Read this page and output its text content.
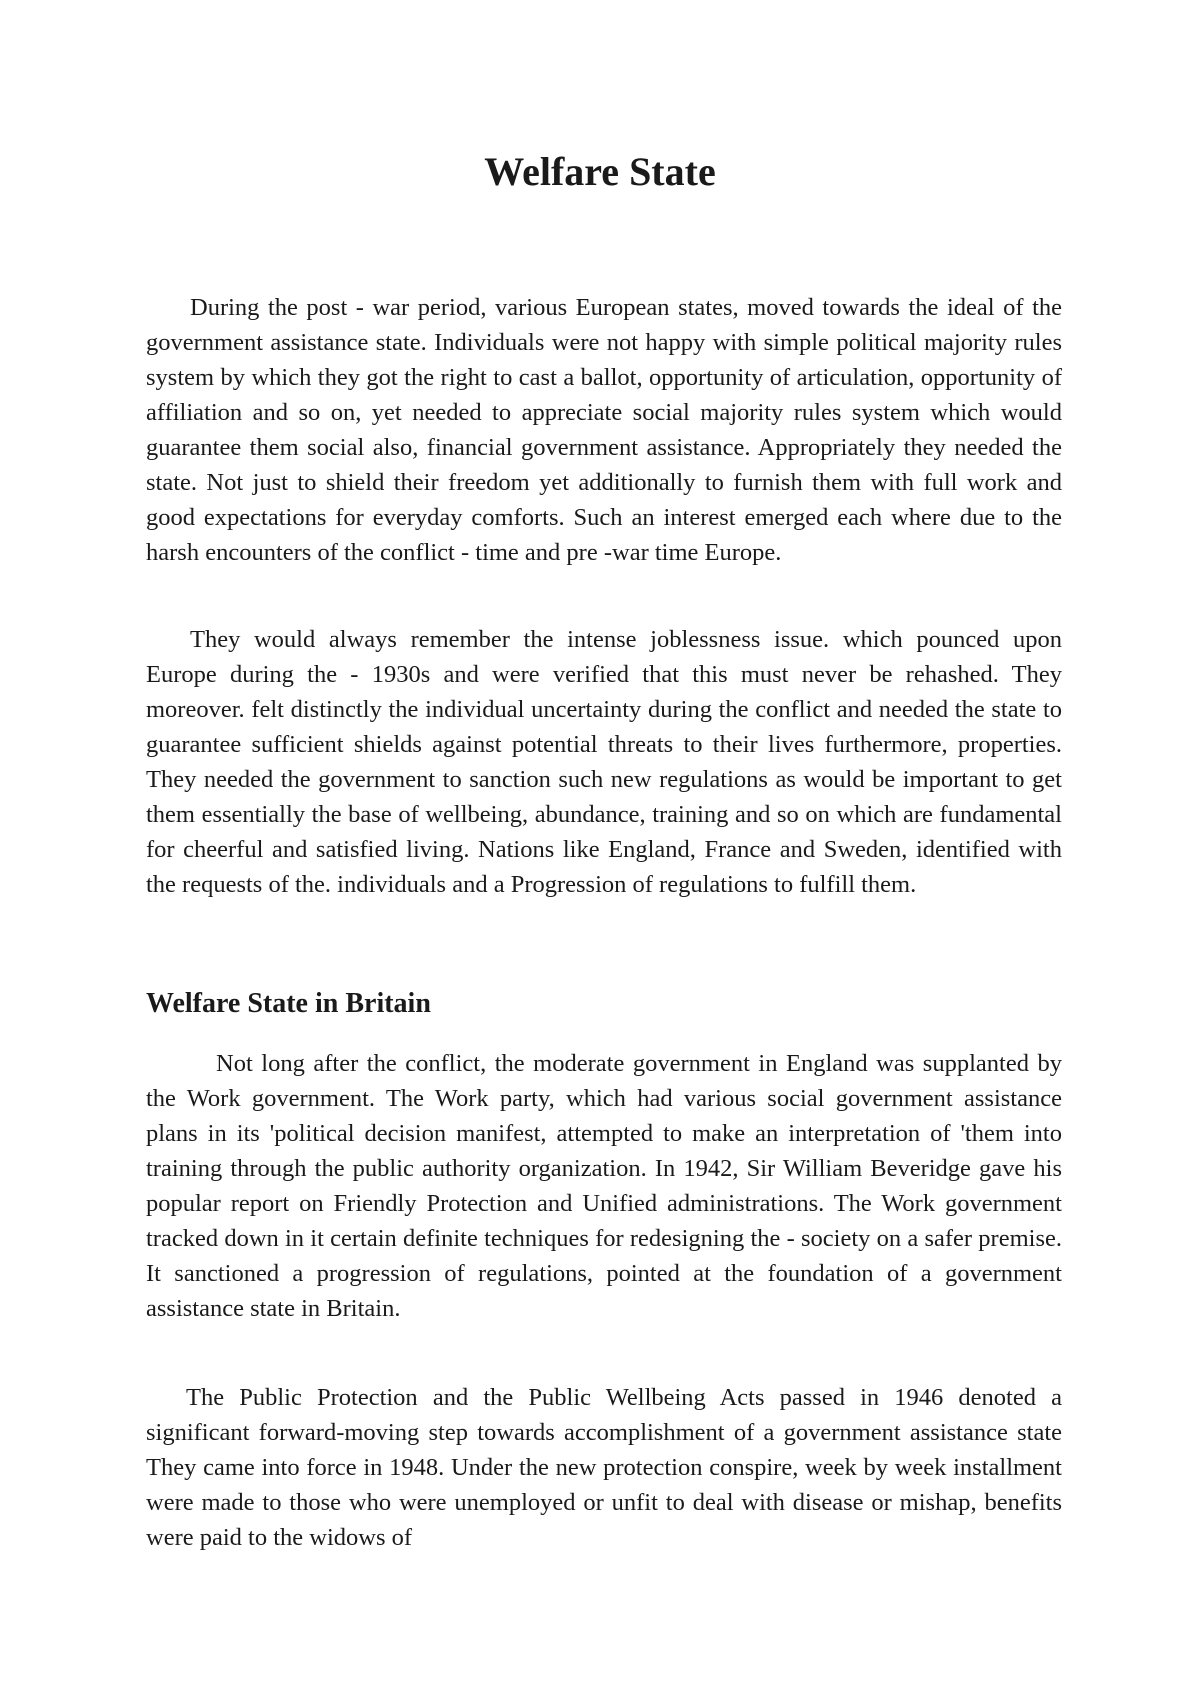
Welfare State

During the post - war period, various European states, moved towards the ideal of the government assistance state. Individuals were not happy with simple political majority rules system by which they got the right to cast a ballot, opportunity of articulation, opportunity of affiliation and so on, yet needed to appreciate social majority rules system which would guarantee them social also, financial government assistance. Appropriately they needed the state. Not just to shield their freedom yet additionally to furnish them with full work and good expectations for everyday comforts. Such an interest emerged each where due to the harsh encounters of the conflict - time and pre -war time Europe.

They would always remember the intense joblessness issue. which pounced upon Europe during the - 1930s and were verified that this must never be rehashed. They moreover. felt distinctly the individual uncertainty during the conflict and needed the state to guarantee sufficient shields against potential threats to their lives furthermore, properties. They needed the government to sanction such new regulations as would be important to get them essentially the base of wellbeing, abundance, training and so on which are fundamental for cheerful and satisfied living. Nations like England, France and Sweden, identified with the requests of the. individuals and a Progression of regulations to fulfill them.

Welfare State in Britain

Not long after the conflict, the moderate government in England was supplanted by the Work government. The Work party, which had various social government assistance plans in its 'political decision manifest, attempted to make an interpretation of 'them into training through the public authority organization. In 1942, Sir William Beveridge gave his popular report on Friendly Protection and Unified administrations. The Work government tracked down in it certain definite techniques for redesigning the - society on a safer premise. It sanctioned a progression of regulations, pointed at the foundation of a government assistance state in Britain.

The Public Protection and the Public Wellbeing Acts passed in 1946 denoted a significant forward-moving step towards accomplishment of a government assistance state They came into force in 1948. Under the new protection conspire, week by week installment were made to those who were unemployed or unfit to deal with disease or mishap, benefits were paid to the widows of
